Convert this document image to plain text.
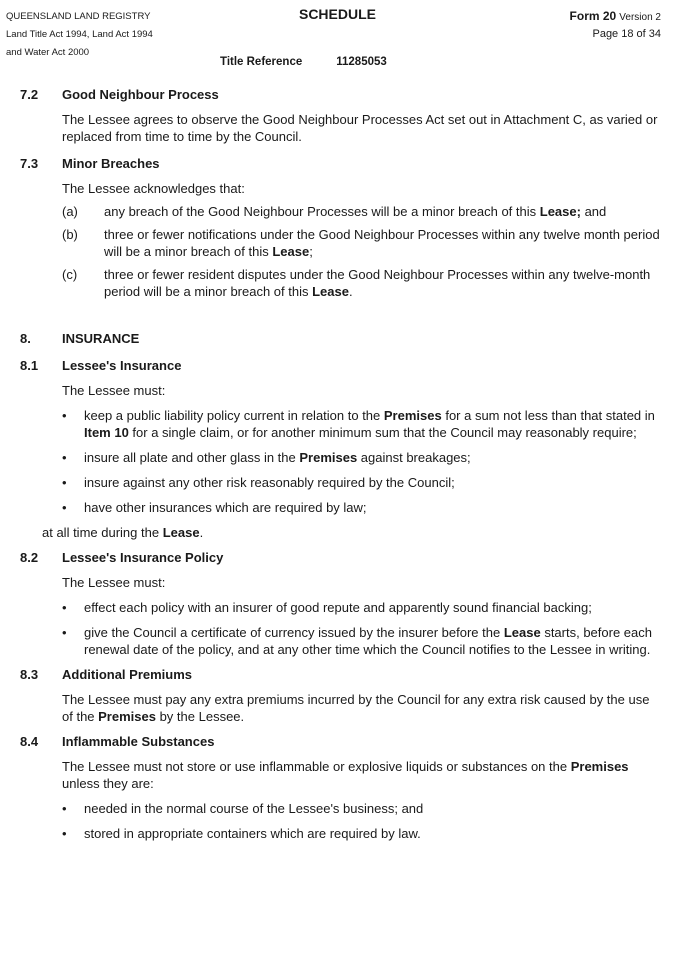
QUEENSLAND LAND REGISTRY
Land Title Act 1994, Land Act 1994
and Water Act 2000
SCHEDULE	Form 20 Version 2
Page 18 of 34
Title Reference	11285053
7.2	Good Neighbour Process
The Lessee agrees to observe the Good Neighbour Processes Act set out in Attachment C, as varied or replaced from time to time by the Council.
7.3	Minor Breaches
The Lessee acknowledges that:
(a)	any breach of the Good Neighbour Processes will be a minor breach of this Lease; and
(b)	three or fewer notifications under the Good Neighbour Processes within any twelve month period will be a minor breach of this Lease;
(c)	three or fewer resident disputes under the Good Neighbour Processes within any twelve-month period will be a minor breach of this Lease.
8.	INSURANCE
8.1	Lessee's Insurance
The Lessee must:
•	keep a public liability policy current in relation to the Premises for a sum not less than that stated in Item 10 for a single claim, or for another minimum sum that the Council may reasonably require;
•	insure all plate and other glass in the Premises against breakages;
•	insure against any other risk reasonably required by the Council;
•	have other insurances which are required by law;
at all time during the Lease.
8.2	Lessee's Insurance Policy
The Lessee must:
•	effect each policy with an insurer of good repute and apparently sound financial backing;
•	give the Council a certificate of currency issued by the insurer before the Lease starts, before each renewal date of the policy, and at any other time which the Council notifies to the Lessee in writing.
8.3	Additional Premiums
The Lessee must pay any extra premiums incurred by the Council for any extra risk caused by the use of the Premises by the Lessee.
8.4	Inflammable Substances
The Lessee must not store or use inflammable or explosive liquids or substances on the Premises unless they are:
•	needed in the normal course of the Lessee's business; and
•	stored in appropriate containers which are required by law.
